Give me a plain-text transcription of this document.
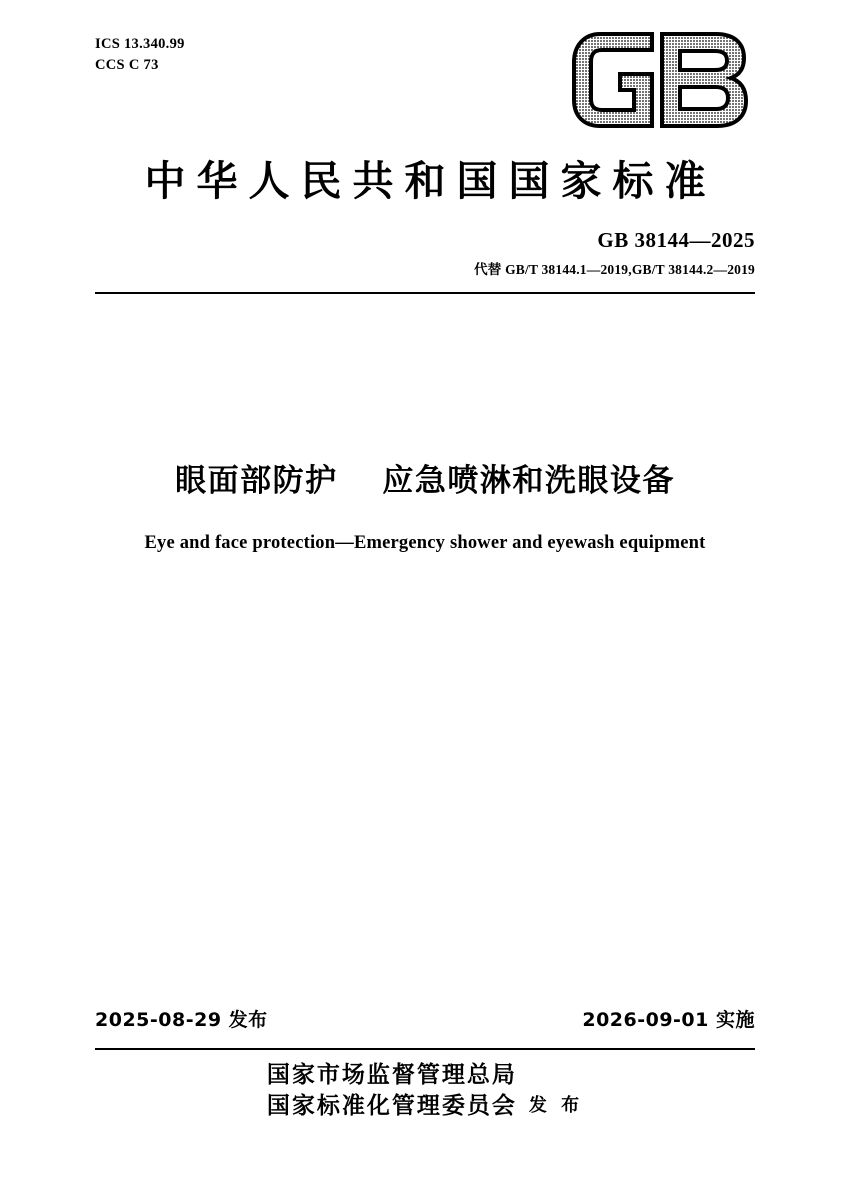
ICS 13.340.99
CCS C 73
中华人民共和国国家标准
GB 38144—2025
代替 GB/T 38144.1—2019,GB/T 38144.2—2019
眼面部防护　 应急喷淋和洗眼设备
Eye and face protection—Emergency shower and eyewash equipment
2025-08-29 发布	2026-09-01 实施
国家市场监督管理总局
国家标准化管理委员会 发 布
